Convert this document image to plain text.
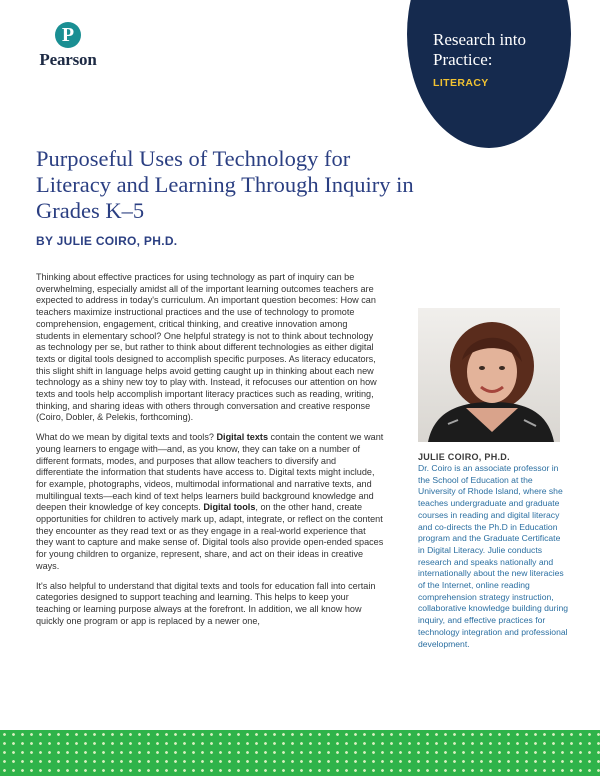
P
Pearson
Research into Practice:
LITERACY
Purposeful Uses of Technology for Literacy and Learning Through Inquiry in Grades K–5

BY JULIE COIRO, PH.D.

Thinking about effective practices for using technology as part of inquiry can be overwhelming, especially amidst all of the important learning outcomes teachers are expected to address in today's curriculum. An important question becomes: How can teachers maximize instructional practices and the use of technology to promote comprehension, engagement, critical thinking, and creative innovation among students in elementary school? One helpful strategy is not to think about technology as technology per se, but rather to think about different technologies as either digital texts or digital tools designed to accomplish specific purposes. As literacy educators, this slight shift in language helps avoid getting caught up in thinking about each new technology as a shiny new toy to play with. Instead, it refocuses our attention on how texts and tools help accomplish important literacy practices such as reading, writing, thinking, and sharing ideas with others through conversation and creative response (Coiro, Dobler, & Pelekis, forthcoming).

What do we mean by digital texts and tools? Digital texts contain the content we want young learners to engage with—and, as you know, they can take on a number of different formats, modes, and purposes that allow teachers to diversify and differentiate the information that students have access to. Digital texts might include, for example, photographs, videos, multimodal informational and narrative texts, and multilingual texts—each kind of text helps learners build background knowledge and deepen their knowledge of key concepts. Digital tools, on the other hand, create opportunities for children to actively mark up, adapt, integrate, or reflect on the content they encounter as they read text or as they engage in a real-world experience that they want to capture and make sense of. Digital tools also provide open-ended spaces for young children to organize, represent, share, and act on their ideas in creative ways.

It's also helpful to understand that digital texts and tools for education fall into certain categories designed to support teaching and learning. This helps to keep your teaching or learning purpose always at the forefront. In addition, we all know how quickly one program or app is replaced by a newer one,

JULIE COIRO, PH.D.

Dr. Coiro is an associate professor in the School of Education at the University of Rhode Island, where she teaches undergraduate and graduate courses in reading and digital literacy and co-directs the Ph.D in Education program and the Graduate Certificate in Digital Literacy. Julie conducts research and speaks nationally and internationally about the new literacies of the Internet, online reading comprehension strategy instruction, collaborative knowledge building during inquiry, and effective practices for technology integration and professional development.
